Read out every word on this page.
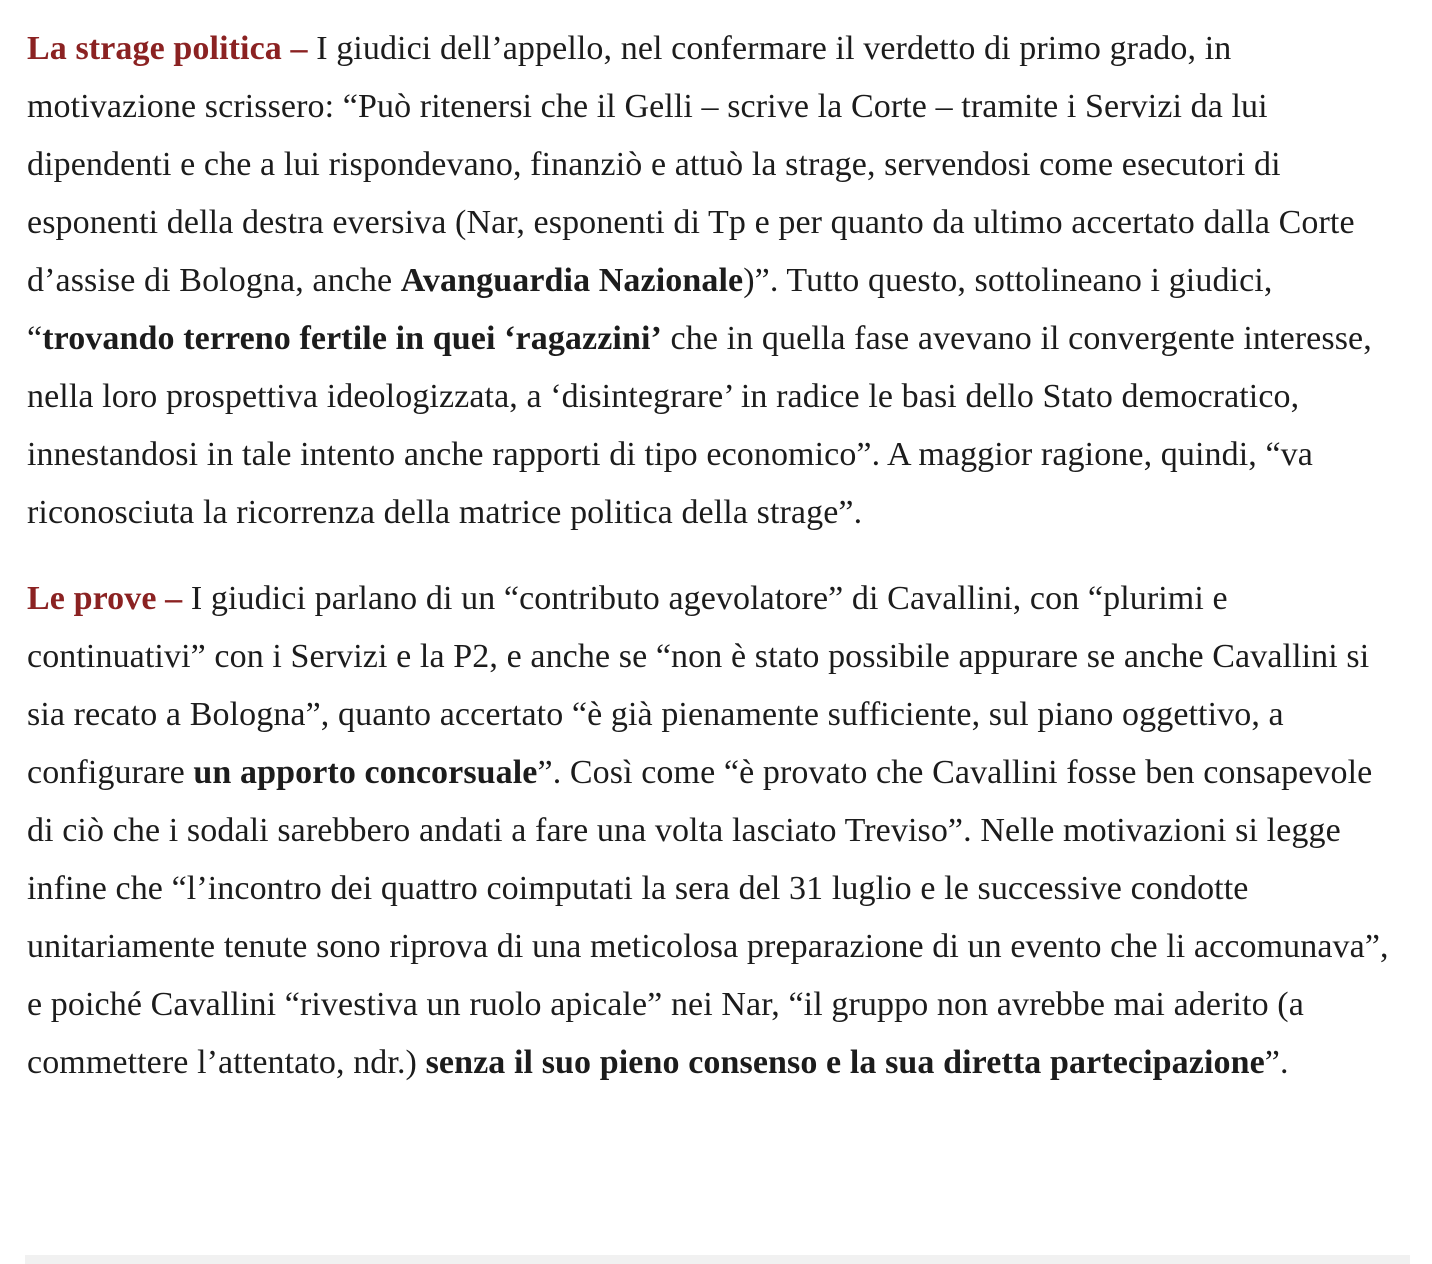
La strage politica – I giudici dell’appello, nel confermare il verdetto di primo grado, in motivazione scrissero: “Può ritenersi che il Gelli – scrive la Corte – tramite i Servizi da lui dipendenti e che a lui rispondevano, finanziò e attuò la strage, servendosi come esecutori di esponenti della destra eversiva (Nar, esponenti di Tp e per quanto da ultimo accertato dalla Corte d’assise di Bologna, anche Avanguardia Nazionale)”. Tutto questo, sottolineano i giudici, “trovando terreno fertile in quei ‘ragazzini’ che in quella fase avevano il convergente interesse, nella loro prospettiva ideologizzata, a ‘disintegrare’ in radice le basi dello Stato democratico, innestandosi in tale intento anche rapporti di tipo economico”. A maggior ragione, quindi, “va riconosciuta la ricorrenza della matrice politica della strage”.

Le prove – I giudici parlano di un “contributo agevolatore” di Cavallini, con “plurimi e continuativi” con i Servizi e la P2, e anche se “non è stato possibile appurare se anche Cavallini si sia recato a Bologna”, quanto accertato “è già pienamente sufficiente, sul piano oggettivo, a configurare un apporto concorsuale”. Così come “è provato che Cavallini fosse ben consapevole di ciò che i sodali sarebbero andati a fare una volta lasciato Treviso”. Nelle motivazioni si legge infine che “l’incontro dei quattro coimputati la sera del 31 luglio e le successive condotte unitariamente tenute sono riprova di una meticolosa preparazione di un evento che li accomunava”, e poiché Cavallini “rivestiva un ruolo apicale” nei Nar, “il gruppo non avrebbe mai aderito (a commettere l’attentato, ndr.) senza il suo pieno consenso e la sua diretta partecipazione”.
